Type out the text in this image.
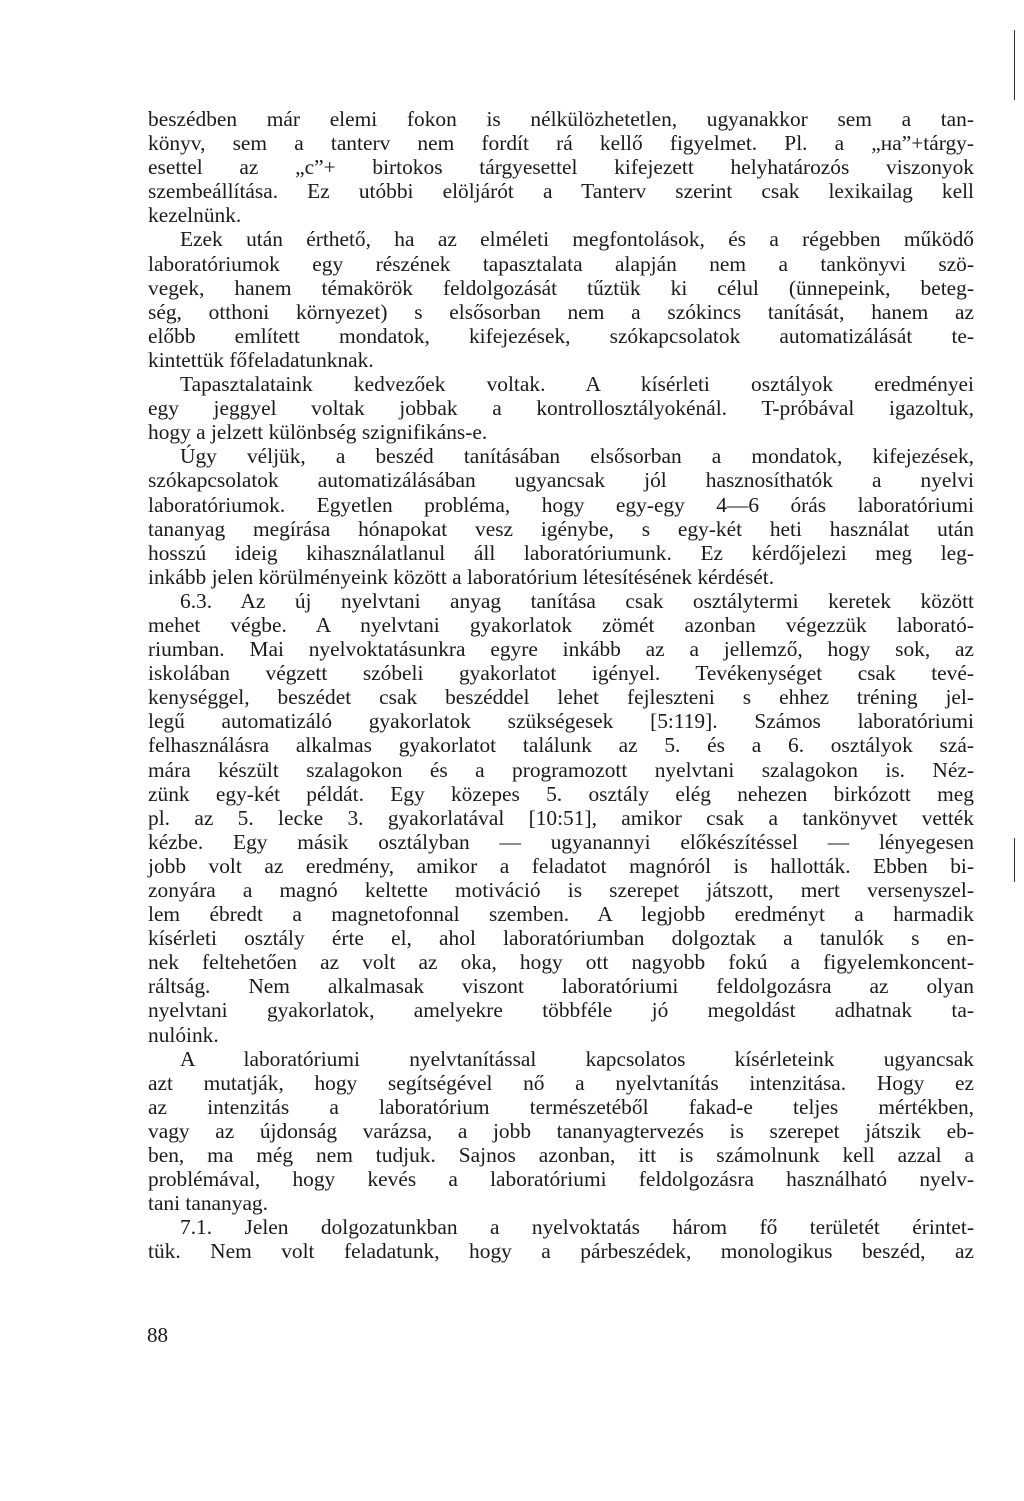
beszédben már elemi fokon is nélkülözhetetlen, ugyanakkor sem a tan-
könyv, sem a tanterv nem fordít rá kellő figyelmet. Pl. a „на”+tárgy-
esettel az „c”+ birtokos tárgyesettel kifejezett helyhatározós viszonyok
szembeállítása. Ez utóbbi elöljárót a Tanterv szerint csak lexikailag kell
kezelnünk.
Ezek után érthető, ha az elméleti megfontolások, és a régebben működő
laboratóriumok egy részének tapasztalata alapján nem a tankönyvi szö-
vegek, hanem témakörök feldolgozását tűztük ki célul (ünnepeink, beteg-
ség, otthoni környezet) s elsősorban nem a szókincs tanítását, hanem az
előbb említett mondatok, kifejezések, szókapcsolatok automatizálását te-
kintettük főfeladatunknak.
Tapasztalataink kedvezőek voltak. A kísérleti osztályok eredményei
egy jeggyel voltak jobbak a kontrollosztályokénál. T-próbával igazoltuk,
hogy a jelzett különbség szignifikáns-e.
Úgy véljük, a beszéd tanításában elsősorban a mondatok, kifejezések,
szókapcsolatok automatizálásában ugyancsak jól hasznosíthatók a nyelvi
laboratóriumok. Egyetlen probléma, hogy egy-egy 4—6 órás laboratóriumi
tananyag megírása hónapokat vesz igénybe, s egy-két heti használat után
hosszú ideig kihasználatlanul áll laboratóriumunk. Ez kérdőjelezi meg leg-
inkább jelen körülményeink között a laboratórium létesítésének kérdését.
6.3. Az új nyelvtani anyag tanítása csak osztálytermi keretek között
mehet végbe. A nyelvtani gyakorlatok zömét azonban végezzük laborató-
riumban. Mai nyelvoktatásunkra egyre inkább az a jellemző, hogy sok, az
iskolában végzett szóbeli gyakorlatot igényel. Tevékenységet csak tevé-
kenységgel, beszédet csak beszéddel lehet fejleszteni s ehhez tréning jel-
legű automatizáló gyakorlatok szükségesek [5:119]. Számos laboratóriumi
felhasználásra alkalmas gyakorlatot találunk az 5. és a 6. osztályok szá-
mára készült szalagokon és a programozott nyelvtani szalagokon is. Néz-
zünk egy-két példát. Egy közepes 5. osztály elég nehezen birkózott meg
pl. az 5. lecke 3. gyakorlatával [10:51], amikor csak a tankönyvet vették
kézbe. Egy másik osztályban — ugyanannyi előkészítéssel — lényegesen
jobb volt az eredmény, amikor a feladatot magnóról is hallották. Ebben bi-
zonyára a magnó keltette motiváció is szerepet játszott, mert versenyszel-
lem ébredt a magnetofonnal szemben. A legjobb eredményt a harmadik
kísérleti osztály érte el, ahol laboratóriumban dolgoztak a tanulók s en-
nek feltehetően az volt az oka, hogy ott nagyobb fokú a figyelemkoncent-
ráltság. Nem alkalmasak viszont laboratóriumi feldolgozásra az olyan
nyelvtani gyakorlatok, amelyekre többféle jó megoldást adhatnak ta-
nulóink.
A laboratóriumi nyelvtanítással kapcsolatos kísérleteink ugyancsak
azt mutatják, hogy segítségével nő a nyelvtanítás intenzitása. Hogy ez
az intenzitás a laboratórium természetéből fakad-e teljes mértékben,
vagy az újdonság varázsa, a jobb tananyagtervezés is szerepet játszik eb-
ben, ma még nem tudjuk. Sajnos azonban, itt is számolnunk kell azzal a
problémával, hogy kevés a laboratóriumi feldolgozásra használható nyelv-
tani tananyag.
7.1. Jelen dolgozatunkban a nyelvoktatás három fő területét érintet-
tük. Nem volt feladatunk, hogy a párbeszédek, monologikus beszéd, az
88
